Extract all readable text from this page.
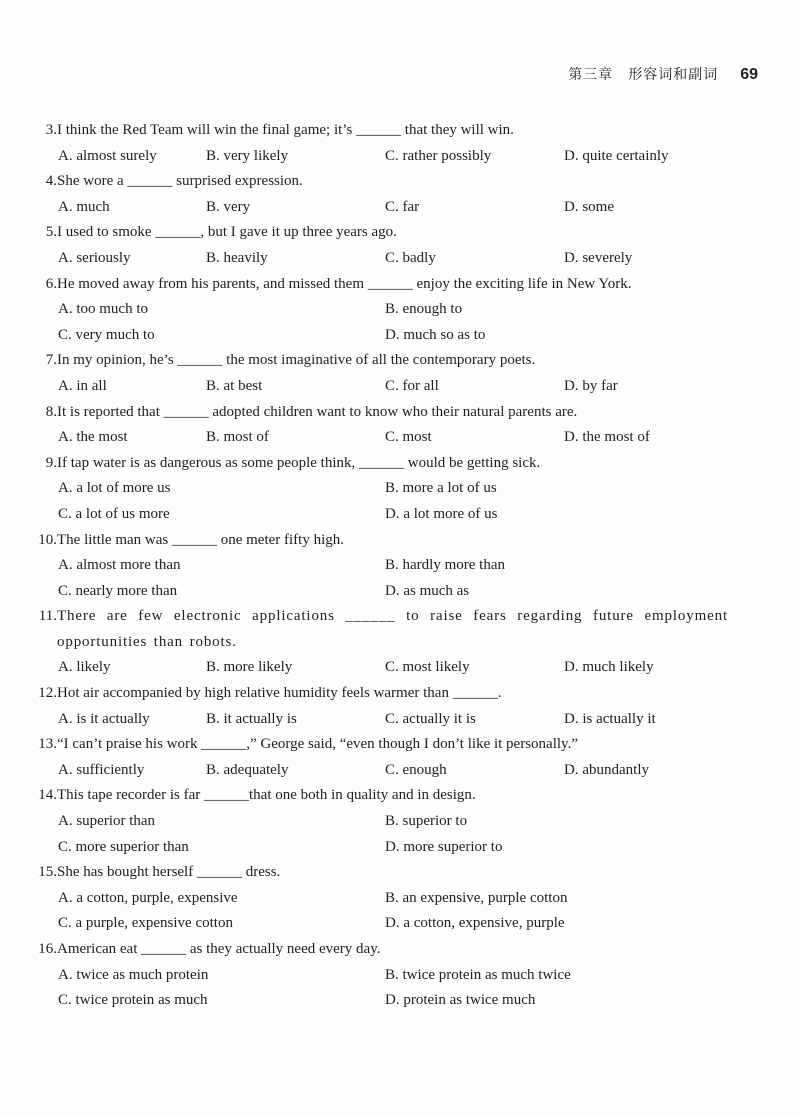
第三章　形容词和副词 69
3. I think the Red Team will win the final game; it’s ______ that they will win.
A. almost surely	B. very likely	C. rather possibly	D. quite certainly
4. She wore a ______ surprised expression.
A. much	B. very	C. far	D. some
5. I used to smoke ______, but I gave it up three years ago.
A. seriously	B. heavily	C. badly	D. severely
6. He moved away from his parents, and missed them ______ enjoy the exciting life in New York.
A. too much to	B. enough to
C. very much to	D. much so as to
7. In my opinion, he’s ______ the most imaginative of all the contemporary poets.
A. in all	B. at best	C. for all	D. by far
8. It is reported that ______ adopted children want to know who their natural parents are.
A. the most	B. most of	C. most	D. the most of
9. If tap water is as dangerous as some people think, ______ would be getting sick.
A. a lot of more us	B. more a lot of us
C. a lot of us more	D. a lot more of us
10. The little man was ______ one meter fifty high.
A. almost more than	B. hardly more than
C. nearly more than	D. as much as
11. There are few electronic applications ______ to raise fears regarding future employment opportunities than robots.
A. likely	B. more likely	C. most likely	D. much likely
12. Hot air accompanied by high relative humidity feels warmer than ______.
A. is it actually	B. it actually is	C. actually it is	D. is actually it
13. “I can’t praise his work ______,” George said, “even though I don’t like it personally.”
A. sufficiently	B. adequately	C. enough	D. abundantly
14. This tape recorder is far ______that one both in quality and in design.
A. superior than	B. superior to
C. more superior than	D. more superior to
15. She has bought herself ______ dress.
A. a cotton, purple, expensive	B. an expensive, purple cotton
C. a purple, expensive cotton	D. a cotton, expensive, purple
16. American eat ______ as they actually need every day.
A. twice as much protein	B. twice protein as much twice
C. twice protein as much	D. protein as twice much
